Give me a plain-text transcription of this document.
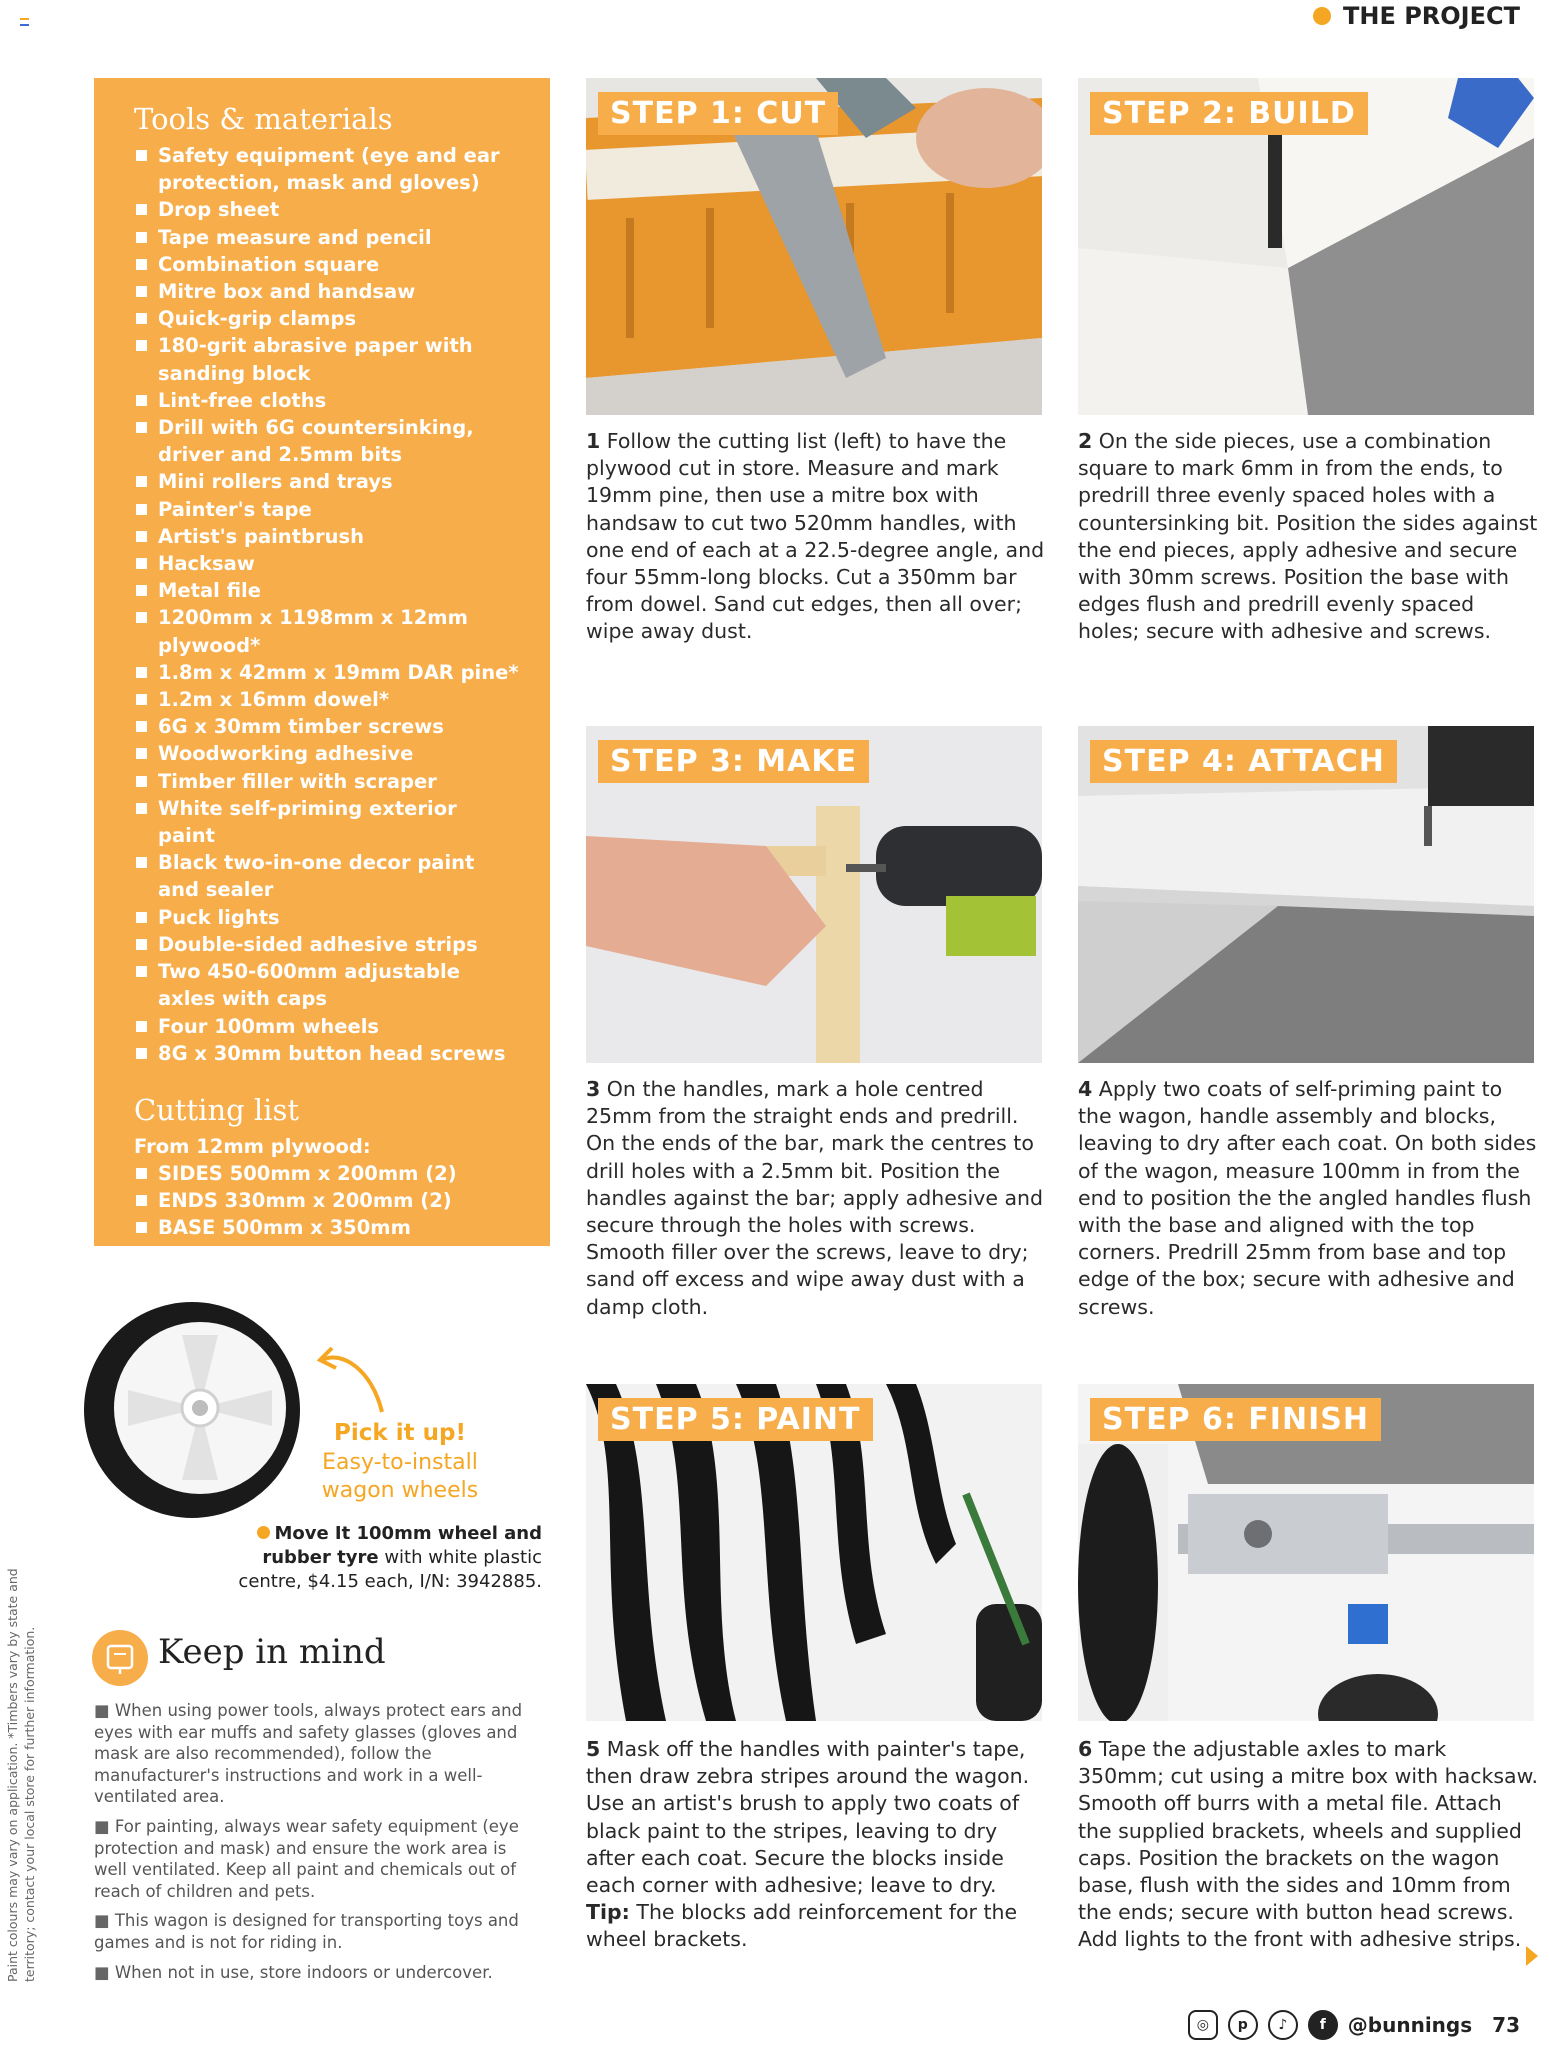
THE PROJECT
Tools & materials
Safety equipment (eye and ear protection, mask and gloves)
Drop sheet
Tape measure and pencil
Combination square
Mitre box and handsaw
Quick-grip clamps
180-grit abrasive paper with sanding block
Lint-free cloths
Drill with 6G countersinking, driver and 2.5mm bits
Mini rollers and trays
Painter's tape
Artist's paintbrush
Hacksaw
Metal file
1200mm x 1198mm x 12mm plywood*
1.8m x 42mm x 19mm DAR pine*
1.2m x 16mm dowel*
6G x 30mm timber screws
Woodworking adhesive
Timber filler with scraper
White self-priming exterior paint
Black two-in-one decor paint and sealer
Puck lights
Double-sided adhesive strips
Two 450-600mm adjustable axles with caps
Four 100mm wheels
8G x 30mm button head screws
Cutting list

From 12mm plywood:

SIDES 500mm x 200mm (2)
ENDS 330mm x 200mm (2)
BASE 500mm x 350mm
STEP 1: CUT

1 Follow the cutting list (left) to have the plywood cut in store. Measure and mark 19mm pine, then use a mitre box with handsaw to cut two 520mm handles, with one end of each at a 22.5-degree angle, and four 55mm-long blocks. Cut a 350mm bar from dowel. Sand cut edges, then all over; wipe away dust.

STEP 2: BUILD

2 On the side pieces, use a combination square to mark 6mm in from the ends, to predrill three evenly spaced holes with a countersinking bit. Position the sides against the end pieces, apply adhesive and secure with 30mm screws. Position the base with edges flush and predrill evenly spaced holes; secure with adhesive and screws.

STEP 3: MAKE

3 On the handles, mark a hole centred 25mm from the straight ends and predrill. On the ends of the bar, mark the centres to drill holes with a 2.5mm bit. Position the handles against the bar; apply adhesive and secure through the holes with screws. Smooth filler over the screws, leave to dry; sand off excess and wipe away dust with a damp cloth.

STEP 4: ATTACH

4 Apply two coats of self-priming paint to the wagon, handle assembly and blocks, leaving to dry after each coat. On both sides of the wagon, measure 100mm in from the end to position the the angled handles flush with the base and aligned with the top corners. Predrill 25mm from base and top edge of the box; secure with adhesive and screws.

STEP 5: PAINT

5 Mask off the handles with painter's tape, then draw zebra stripes around the wagon. Use an artist's brush to apply two coats of black paint to the stripes, leaving to dry after each coat. Secure the blocks inside each corner with adhesive; leave to dry. Tip: The blocks add reinforcement for the wheel brackets.

STEP 6: FINISH

6 Tape the adjustable axles to mark 350mm; cut using a mitre box with hacksaw. Smooth off burrs with a metal file. Attach the supplied brackets, wheels and supplied caps. Position the brackets on the wagon base, flush with the sides and 10mm from the ends; secure with button head screws. Add lights to the front with adhesive strips.

Pick it up!
Easy-to-install
wagon wheels
Move It 100mm wheel and rubber tyre with white plastic centre, $4.15 each, I/N: 3942885.
Keep in mind
■ When using power tools, always protect ears and eyes with ear muffs and safety glasses (gloves and mask are also recommended), follow the manufacturer's instructions and work in a well-ventilated area.
■ For painting, always wear safety equipment (eye protection and mask) and ensure the work area is well ventilated. Keep all paint and chemicals out of reach of children and pets.
■ This wagon is designed for transporting toys and games and is not for riding in.
■ When not in use, store indoors or undercover.
Paint colours may vary on application. *Timbers vary by state and territory; contact your local store for further information.
◎	p	♪	f	@bunnings 73
